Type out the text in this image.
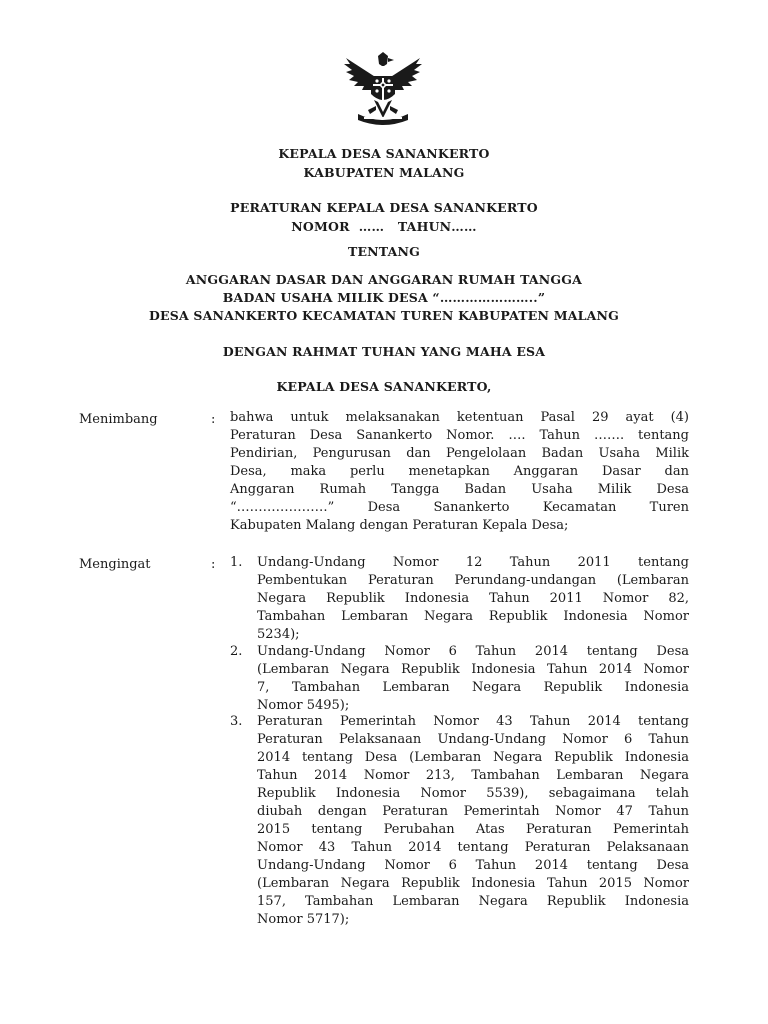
KEPALA DESA SANANKERTO
KABUPATEN MALANG
PERATURAN KEPALA DESA SANANKERTO
NOMOR  ……   TAHUN……
TENTANG
ANGGARAN DASAR DAN ANGGARAN RUMAH TANGGA
BADAN USAHA MILIK DESA “…………………..”
DESA SANANKERTO KECAMATAN TUREN KABUPATEN MALANG
DENGAN RAHMAT TUHAN YANG MAHA ESA
KEPALA DESA SANANKERTO,
Menimbang	: bahwa untuk melaksanakan ketentuan Pasal 29 ayat (4)
Peraturan Desa Sanankerto Nomor. …. Tahun ……. tentang
Pendirian, Pengurusan dan Pengelolaan Badan Usaha Milik
Desa, maka perlu menetapkan Anggaran Dasar dan
Anggaran Rumah Tangga Badan Usaha Milik Desa
“…………………” Desa Sanankerto Kecamatan Turen
Kabupaten Malang dengan Peraturan Kepala Desa;
Mengingat	: 1. Undang-Undang Nomor 12 Tahun 2011 tentang
Pembentukan Peraturan Perundang-undangan (Lembaran
Negara Republik Indonesia Tahun 2011 Nomor 82,
Tambahan Lembaran Negara Republik Indonesia Nomor
5234);
2. Undang-Undang Nomor 6 Tahun 2014 tentang Desa
(Lembaran Negara Republik Indonesia Tahun 2014 Nomor
7, Tambahan Lembaran Negara Republik Indonesia
Nomor 5495);
3. Peraturan Pemerintah Nomor 43 Tahun 2014 tentang
Peraturan Pelaksanaan Undang-Undang Nomor 6 Tahun
2014 tentang Desa (Lembaran Negara Republik Indonesia
Tahun 2014 Nomor 213, Tambahan Lembaran Negara
Republik Indonesia Nomor 5539), sebagaimana telah
diubah dengan Peraturan Pemerintah Nomor 47 Tahun
2015 tentang Perubahan Atas Peraturan Pemerintah
Nomor 43 Tahun 2014 tentang Peraturan Pelaksanaan
Undang-Undang Nomor 6 Tahun 2014 tentang Desa
(Lembaran Negara Republik Indonesia Tahun 2015 Nomor
157, Tambahan Lembaran Negara Republik Indonesia
Nomor 5717);
